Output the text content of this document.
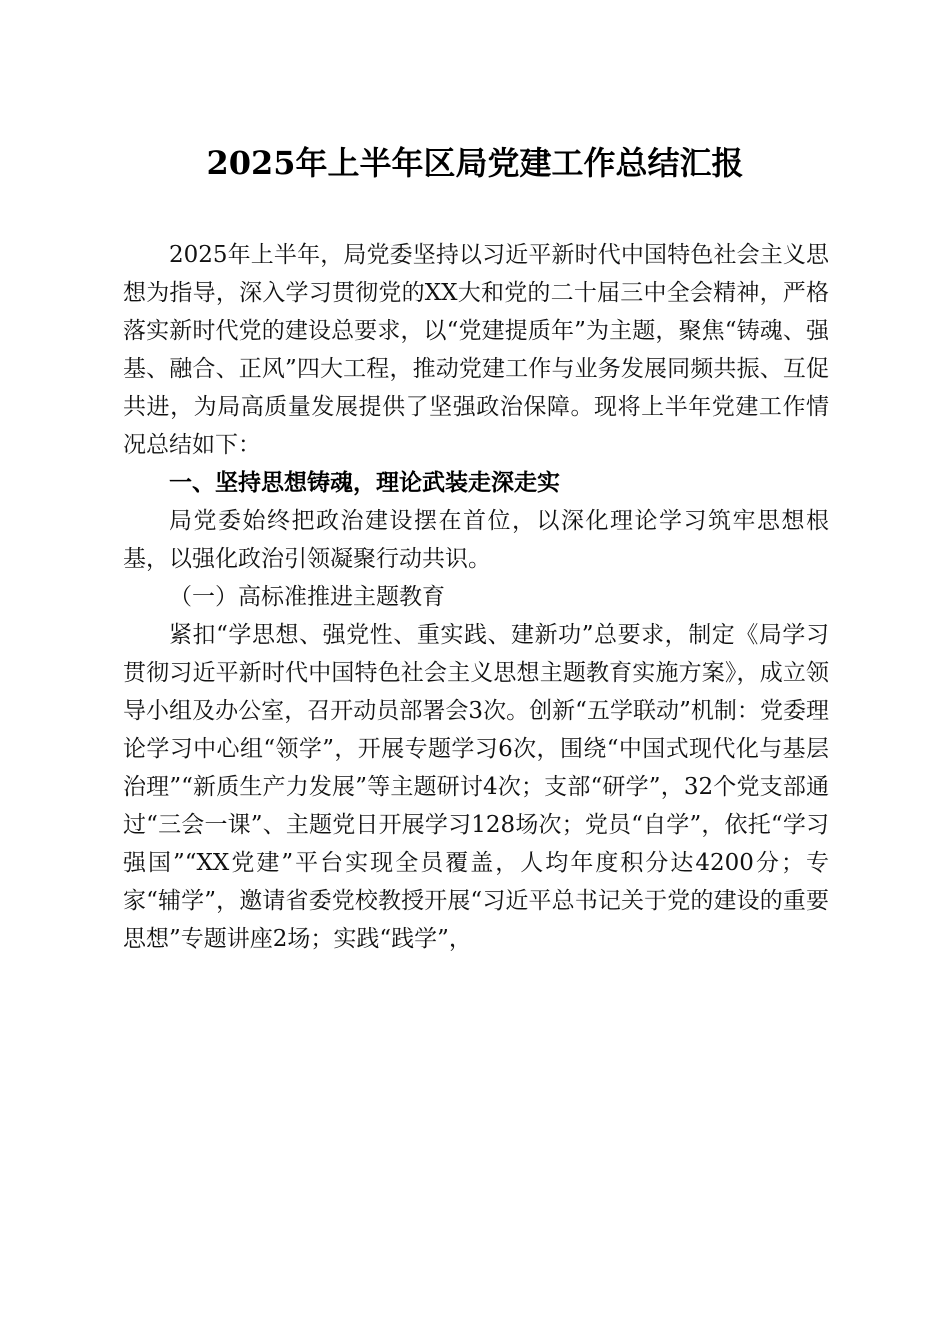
2025年上半年区局党建工作总结汇报

2025年上半年，局党委坚持以习近平新时代中国特色社会主义思想为指导，深入学习贯彻党的XX大和党的二十届三中全会精神，严格落实新时代党的建设总要求，以“党建提质年”为主题，聚焦“铸魂、强基、融合、正风”四大工程，推动党建工作与业务发展同频共振、互促共进，为局高质量发展提供了坚强政治保障。现将上半年党建工作情况总结如下：

一、坚持思想铸魂，理论武装走深走实

局党委始终把政治建设摆在首位，以深化理论学习筑牢思想根基，以强化政治引领凝聚行动共识。

（一）高标准推进主题教育

紧扣“学思想、强党性、重实践、建新功”总要求，制定《局学习贯彻习近平新时代中国特色社会主义思想主题教育实施方案》，成立领导小组及办公室，召开动员部署会3次。创新“五学联动”机制：党委理论学习中心组“领学”，开展专题学习6次，围绕“中国式现代化与基层治理”“新质生产力发展”等主题研讨4次；支部“研学”，32个党支部通过“三会一课”、主题党日开展学习128场次；党员“自学”，依托“学习强国”“XX党建”平台实现全员覆盖，人均年度积分达4200分；专家“辅学”，邀请省委党校教授开展“习近平总书记关于党的建设的重要思想”专题讲座2场；实践“践学”，
